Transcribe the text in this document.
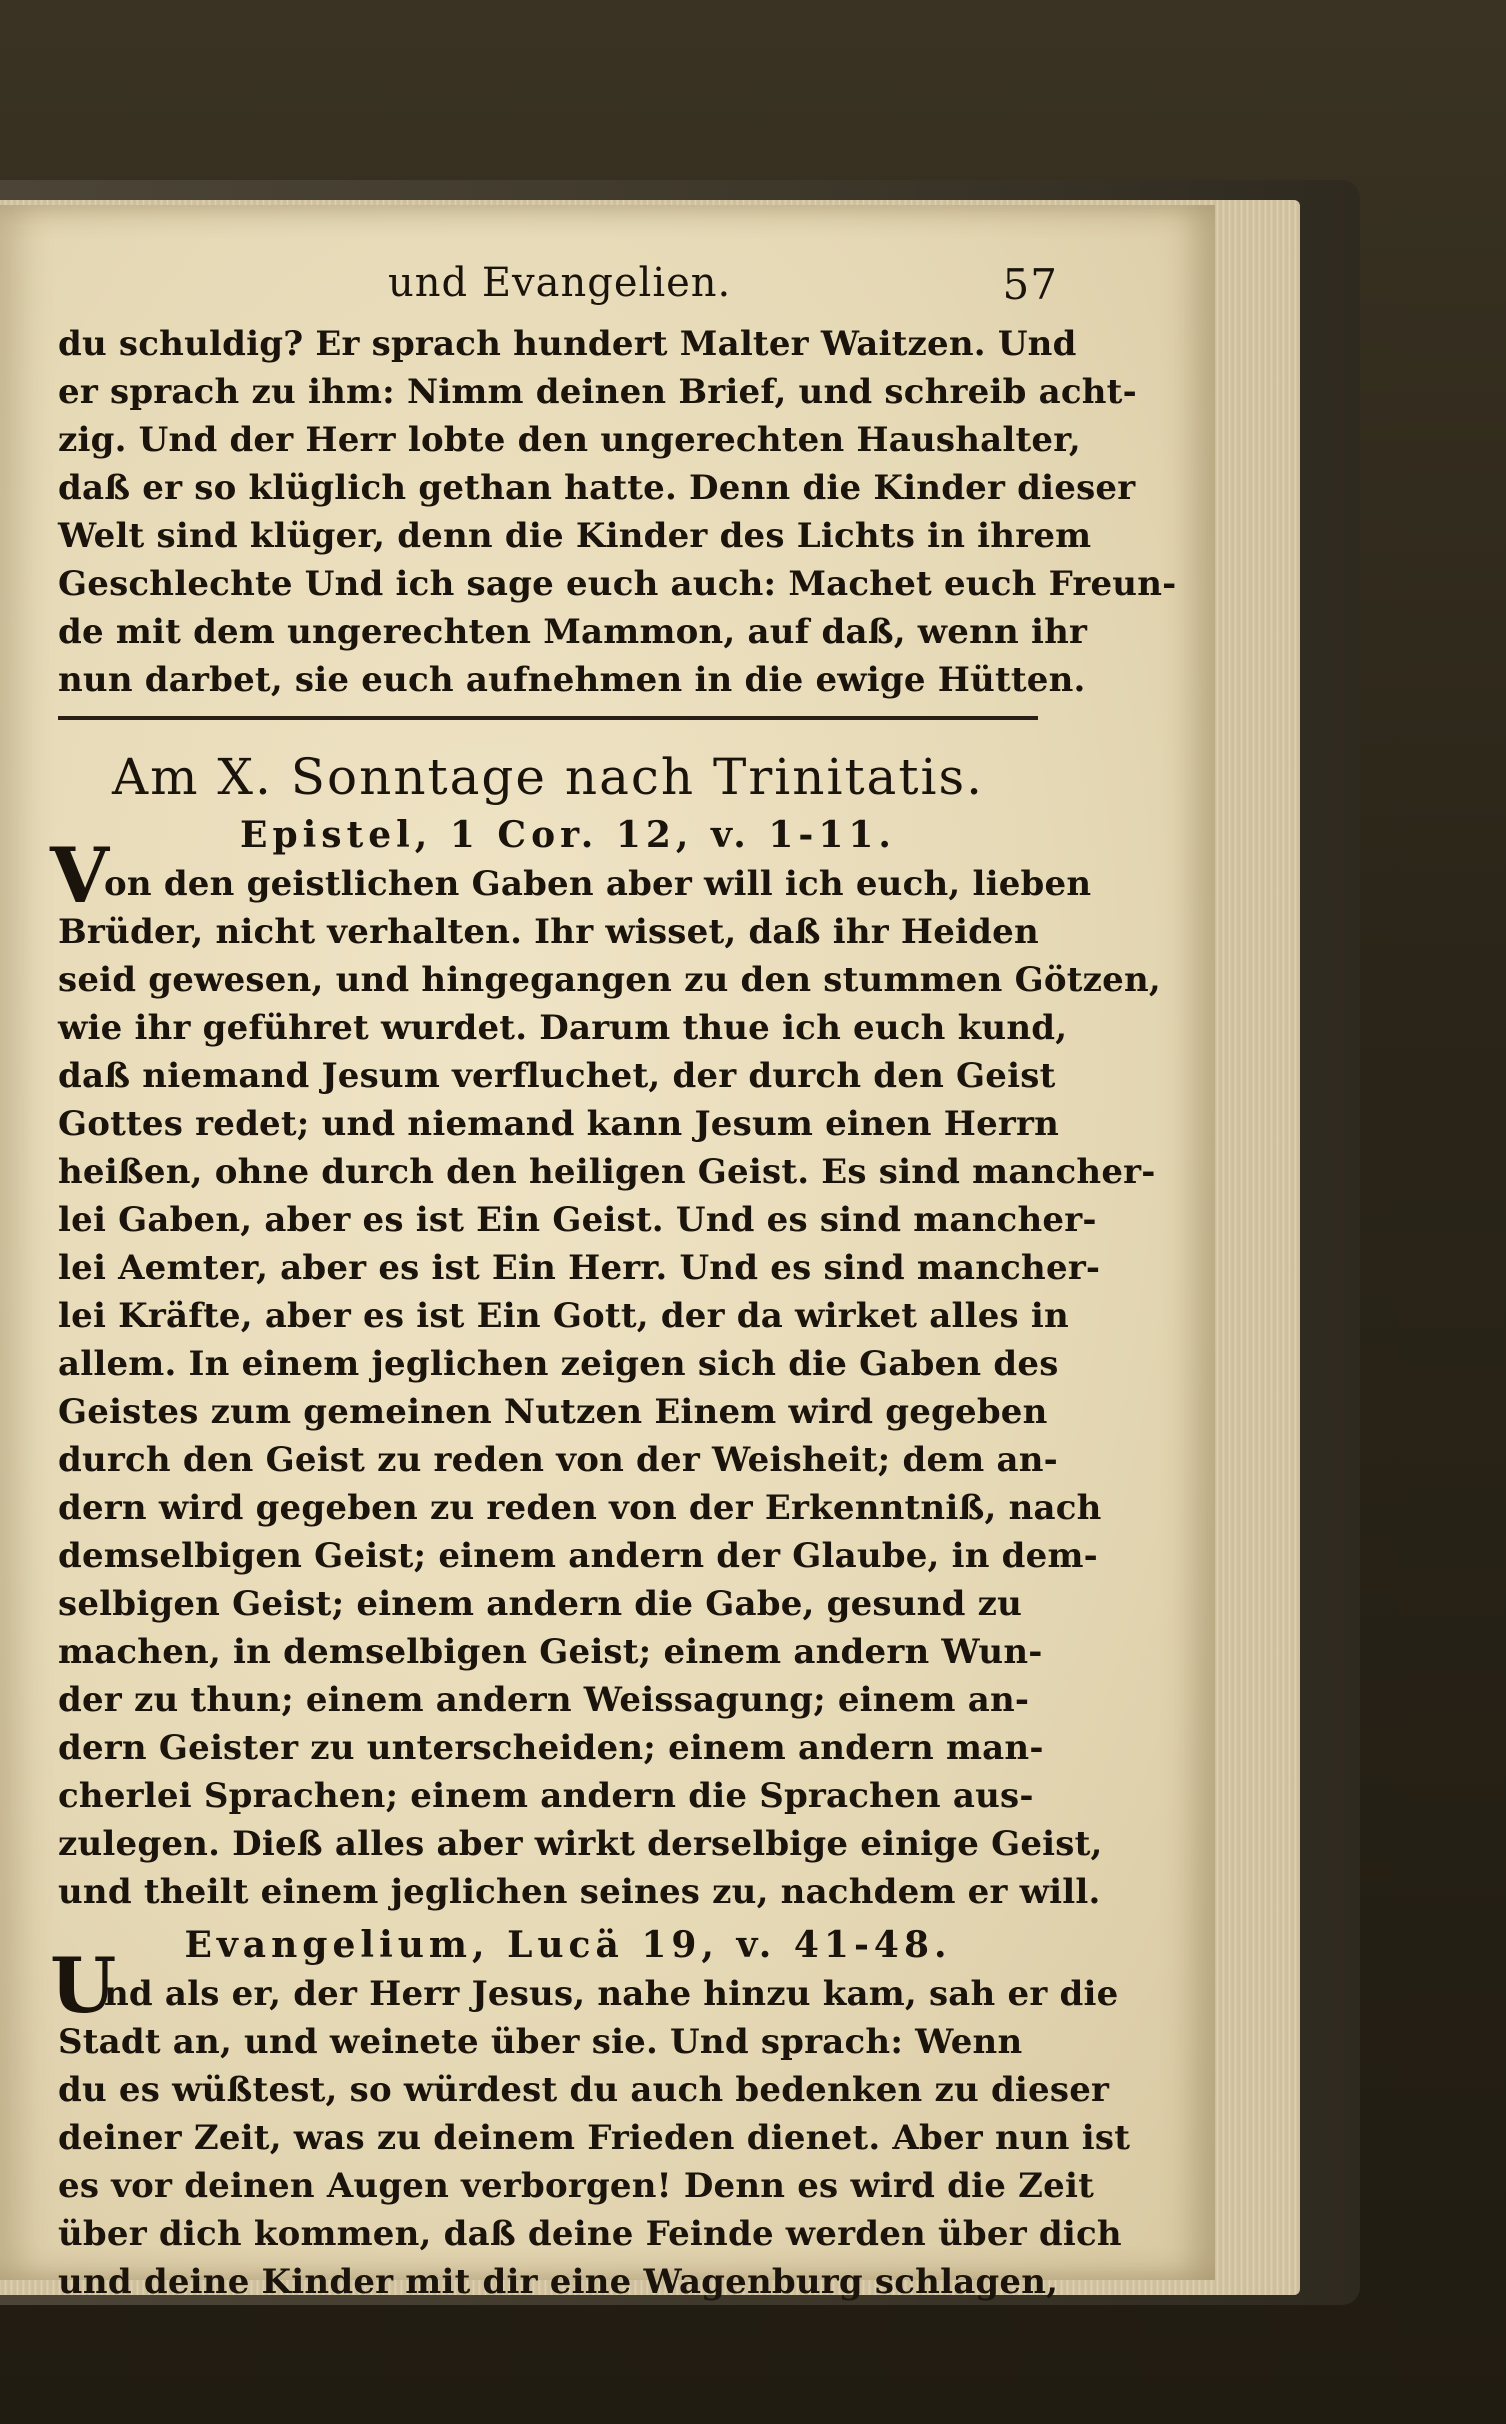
und Evangelien.	57
du schuldig? Er sprach hundert Malter Waitzen. Und
er sprach zu ihm: Nimm deinen Brief, und schreib acht-
zig. Und der Herr lobte den ungerechten Haushalter,
daß er so klüglich gethan hatte. Denn die Kinder dieser
Welt sind klüger, denn die Kinder des Lichts in ihrem
Geschlechte Und ich sage euch auch: Machet euch Freun-
de mit dem ungerechten Mammon, auf daß, wenn ihr
nun darbet, sie euch aufnehmen in die ewige Hütten.
Am X. Sonntage nach Trinitatis.
Epistel, 1 Cor. 12, v. 1-11.
V
on den geistlichen Gaben aber will ich euch, lieben
Brüder, nicht verhalten. Ihr wisset, daß ihr Heiden
seid gewesen, und hingegangen zu den stummen Götzen,
wie ihr geführet wurdet. Darum thue ich euch kund,
daß niemand Jesum verfluchet, der durch den Geist
Gottes redet; und niemand kann Jesum einen Herrn
heißen, ohne durch den heiligen Geist. Es sind mancher-
lei Gaben, aber es ist Ein Geist. Und es sind mancher-
lei Aemter, aber es ist Ein Herr. Und es sind mancher-
lei Kräfte, aber es ist Ein Gott, der da wirket alles in
allem. In einem jeglichen zeigen sich die Gaben des
Geistes zum gemeinen Nutzen Einem wird gegeben
durch den Geist zu reden von der Weisheit; dem an-
dern wird gegeben zu reden von der Erkenntniß, nach
demselbigen Geist; einem andern der Glaube, in dem-
selbigen Geist; einem andern die Gabe, gesund zu
machen, in demselbigen Geist; einem andern Wun-
der zu thun; einem andern Weissagung; einem an-
dern Geister zu unterscheiden; einem andern man-
cherlei Sprachen; einem andern die Sprachen aus-
zulegen. Dieß alles aber wirkt derselbige einige Geist,
und theilt einem jeglichen seines zu, nachdem er will.
Evangelium, Lucä 19, v. 41-48.
U
nd als er, der Herr Jesus, nahe hinzu kam, sah er die
Stadt an, und weinete über sie. Und sprach: Wenn
du es wüßtest, so würdest du auch bedenken zu dieser
deiner Zeit, was zu deinem Frieden dienet. Aber nun ist
es vor deinen Augen verborgen! Denn es wird die Zeit
über dich kommen, daß deine Feinde werden über dich
und deine Kinder mit dir eine Wagenburg schlagen,
